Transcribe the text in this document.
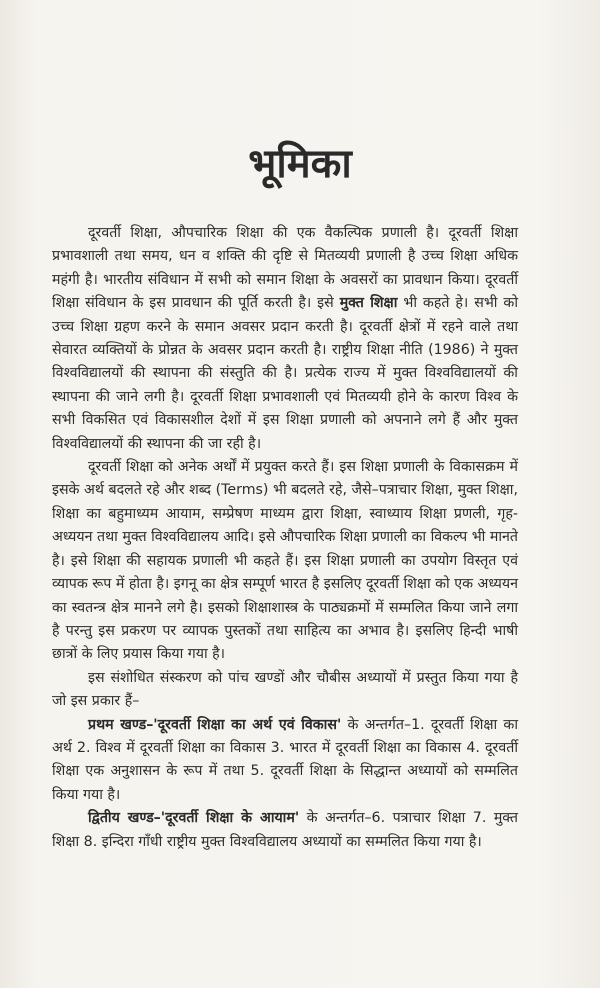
भूमिका

दूरवर्ती शिक्षा, औपचारिक शिक्षा की एक वैकल्पिक प्रणाली है। दूरवर्ती शिक्षा प्रभावशाली तथा समय, धन व शक्ति की दृष्टि से मितव्ययी प्रणाली है उच्च शिक्षा अधिक महंगी है। भारतीय संविधान में सभी को समान शिक्षा के अवसरों का प्रावधान किया। दूरवर्ती शिक्षा संविधान के इस प्रावधान की पूर्ति करती है। इसे मुक्त शिक्षा भी कहते हे। सभी को उच्च शिक्षा ग्रहण करने के समान अवसर प्रदान करती है। दूरवर्ती क्षेत्रों में रहने वाले तथा सेवारत व्यक्तियों के प्रोन्नत के अवसर प्रदान करती है। राष्ट्रीय शिक्षा नीति (1986) ने मुक्त विश्वविद्यालयों की स्थापना की संस्तुति की है। प्रत्येक राज्य में मुक्त विश्वविद्यालयों की स्थापना की जाने लगी है। दूरवर्ती शिक्षा प्रभावशाली एवं मितव्ययी होने के कारण विश्व के सभी विकसित एवं विकासशील देशों में इस शिक्षा प्रणाली को अपनाने लगे हैं और मुक्त विश्वविद्यालयों की स्थापना की जा रही है।

दूरवर्ती शिक्षा को अनेक अर्थों में प्रयुक्त करते हैं। इस शिक्षा प्रणाली के विकासक्रम में इसके अर्थ बदलते रहे और शब्द (Terms) भी बदलते रहे, जैसे–पत्राचार शिक्षा, मुक्त शिक्षा, शिक्षा का बहुमाध्यम आयाम, सम्प्रेषण माध्यम द्वारा शिक्षा, स्वाध्याय शिक्षा प्रणली, गृह-अध्ययन तथा मुक्त विश्वविद्यालय आदि। इसे औपचारिक शिक्षा प्रणाली का विकल्प भी मानते है। इसे शिक्षा की सहायक प्रणाली भी कहते हैं। इस शिक्षा प्रणाली का उपयोग विस्तृत एवं व्यापक रूप में होता है। इगनू का क्षेत्र सम्पूर्ण भारत है इसलिए दूरवर्ती शिक्षा को एक अध्ययन का स्वतन्त्र क्षेत्र मानने लगे है। इसको शिक्षाशास्त्र के पाठ्यक्रमों में सम्मलित किया जाने लगा है परन्तु इस प्रकरण पर व्यापक पुस्तकों तथा साहित्य का अभाव है। इसलिए हिन्दी भाषी छात्रों के लिए प्रयास किया गया है।

इस संशोधित संस्करण को पांच खण्डों और चौबीस अध्यायों में प्रस्तुत किया गया है जो इस प्रकार हैं–

प्रथम खण्ड–'दूरवर्ती शिक्षा का अर्थ एवं विकास' के अन्तर्गत–1. दूरवर्ती शिक्षा का अर्थ 2. विश्व में दूरवर्ती शिक्षा का विकास 3. भारत में दूरवर्ती शिक्षा का विकास 4. दूरवर्ती शिक्षा एक अनुशासन के रूप में तथा 5. दूरवर्ती शिक्षा के सिद्धान्त अध्यायों को सम्मलित किया गया है।

द्वितीय खण्ड–'दूरवर्ती शिक्षा के आयाम' के अन्तर्गत–6. पत्राचार शिक्षा 7. मुक्त शिक्षा 8. इन्दिरा गाँधी राष्ट्रीय मुक्त विश्वविद्यालय अध्यायों का सम्मलित किया गया है।
